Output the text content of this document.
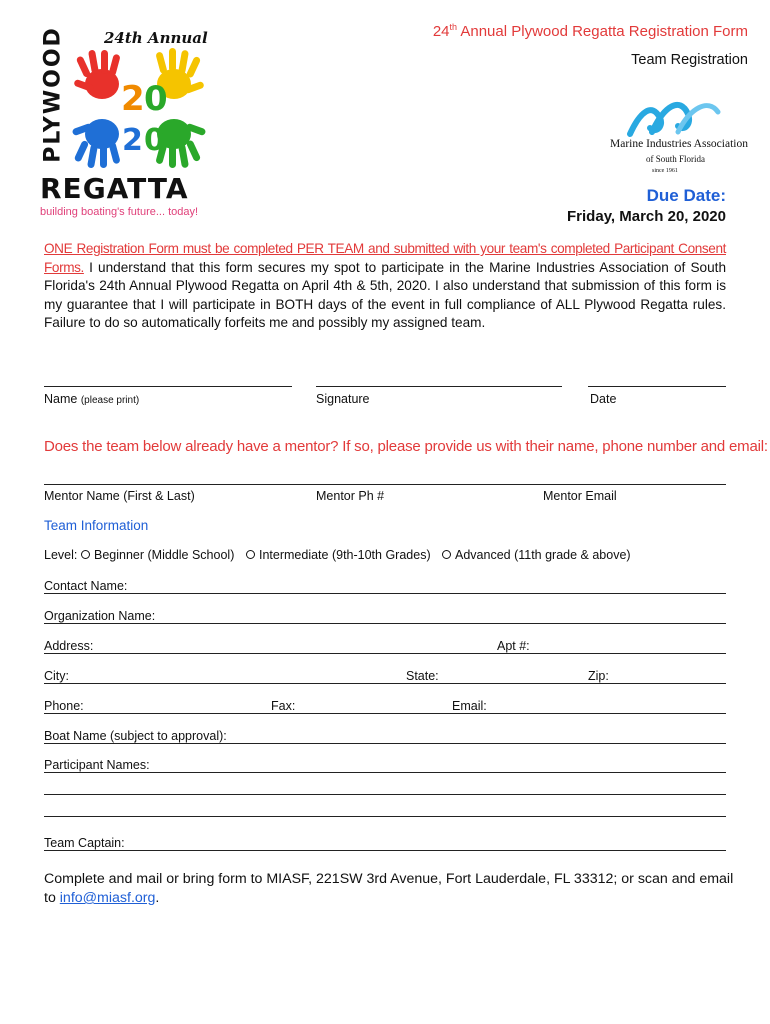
PLYWOOD	24th Annual
2 0
2 0
REGATTA
building boating's future... today!
24th Annual Plywood Regatta Registration Form
Team Registration
Marine Industries Association
of South Florida
since 1961
Due Date:
Friday, March 20, 2020
ONE Registration Form must be completed PER TEAM and submitted with your team's completed Participant Consent Forms. I understand that this form secures my spot to participate in the Marine Industries Association of South Florida's 24th Annual Plywood Regatta on April 4th & 5th, 2020. I also understand that submission of this form is my guarantee that I will participate in BOTH days of the event in full compliance of ALL Plywood Regatta rules. Failure to do so automatically forfeits me and possibly my assigned team.
Name (please print)	Signature	Date
Does the team below already have a mentor? If so, please provide us with their name, phone number and email:
Mentor Name (First & Last)	Mentor Ph #	Mentor Email
Team Information
Level:	Beginner (Middle School)	Intermediate (9th-10th Grades)	Advanced (11th grade & above)
Contact Name:
Organization Name:
Address:	Apt #:
City:	State:	Zip:
Phone:	Fax:	Email:
Boat Name (subject to approval):
Participant Names:
Team Captain:
Complete and mail or bring form to MIASF, 221SW 3rd Avenue, Fort Lauderdale, FL 33312; or scan and email to info@miasf.org.
